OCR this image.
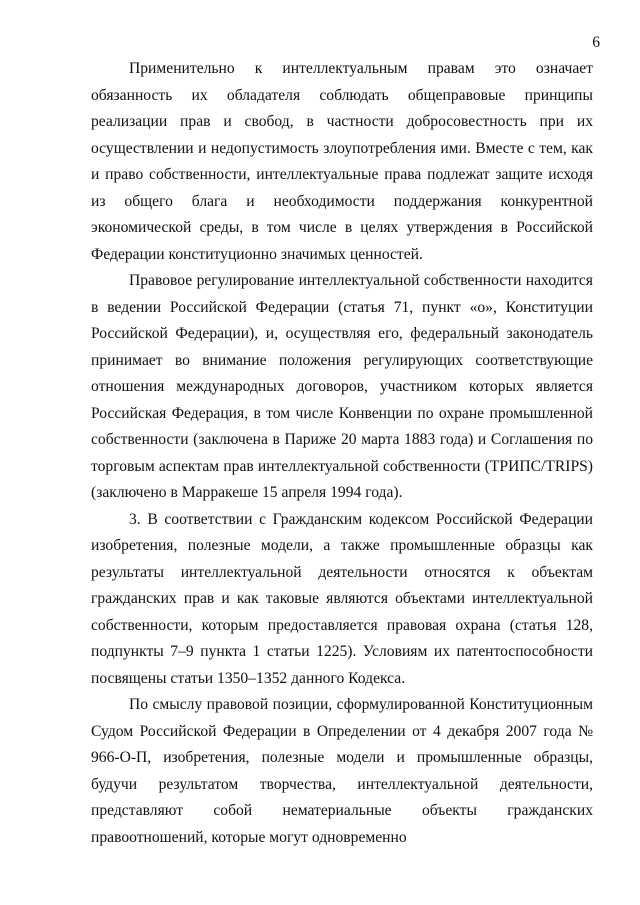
6

Применительно к интеллектуальным правам это означает обязанность их обладателя соблюдать общеправовые принципы реализации прав и свобод, в частности добросовестность при их осуществлении и недопустимость злоупотребления ими. Вместе с тем, как и право собственности, интеллектуальные права подлежат защите исходя из общего блага и необходимости поддержания конкурентной экономической среды, в том числе в целях утверждения в Российской Федерации конституционно значимых ценностей.

Правовое регулирование интеллектуальной собственности находится в ведении Российской Федерации (статья 71, пункт «о», Конституции Российской Федерации), и, осуществляя его, федеральный законодатель принимает во внимание положения регулирующих соответствующие отношения международных договоров, участником которых является Российская Федерация, в том числе Конвенции по охране промышленной собственности (заключена в Париже 20 марта 1883 года) и Соглашения по торговым аспектам прав интеллектуальной собственности (ТРИПС/TRIPS) (заключено в Марракеше 15 апреля 1994 года).

3. В соответствии с Гражданским кодексом Российской Федерации изобретения, полезные модели, а также промышленные образцы как результаты интеллектуальной деятельности относятся к объектам гражданских прав и как таковые являются объектами интеллектуальной собственности, которым предоставляется правовая охрана (статья 128, подпункты 7–9 пункта 1 статьи 1225). Условиям их патентоспособности посвящены статьи 1350–1352 данного Кодекса.

По смыслу правовой позиции, сформулированной Конституционным Судом Российской Федерации в Определении от 4 декабря 2007 года № 966-О-П, изобретения, полезные модели и промышленные образцы, будучи результатом творчества, интеллектуальной деятельности, представляют собой нематериальные объекты гражданских правоотношений, которые могут одновременно
